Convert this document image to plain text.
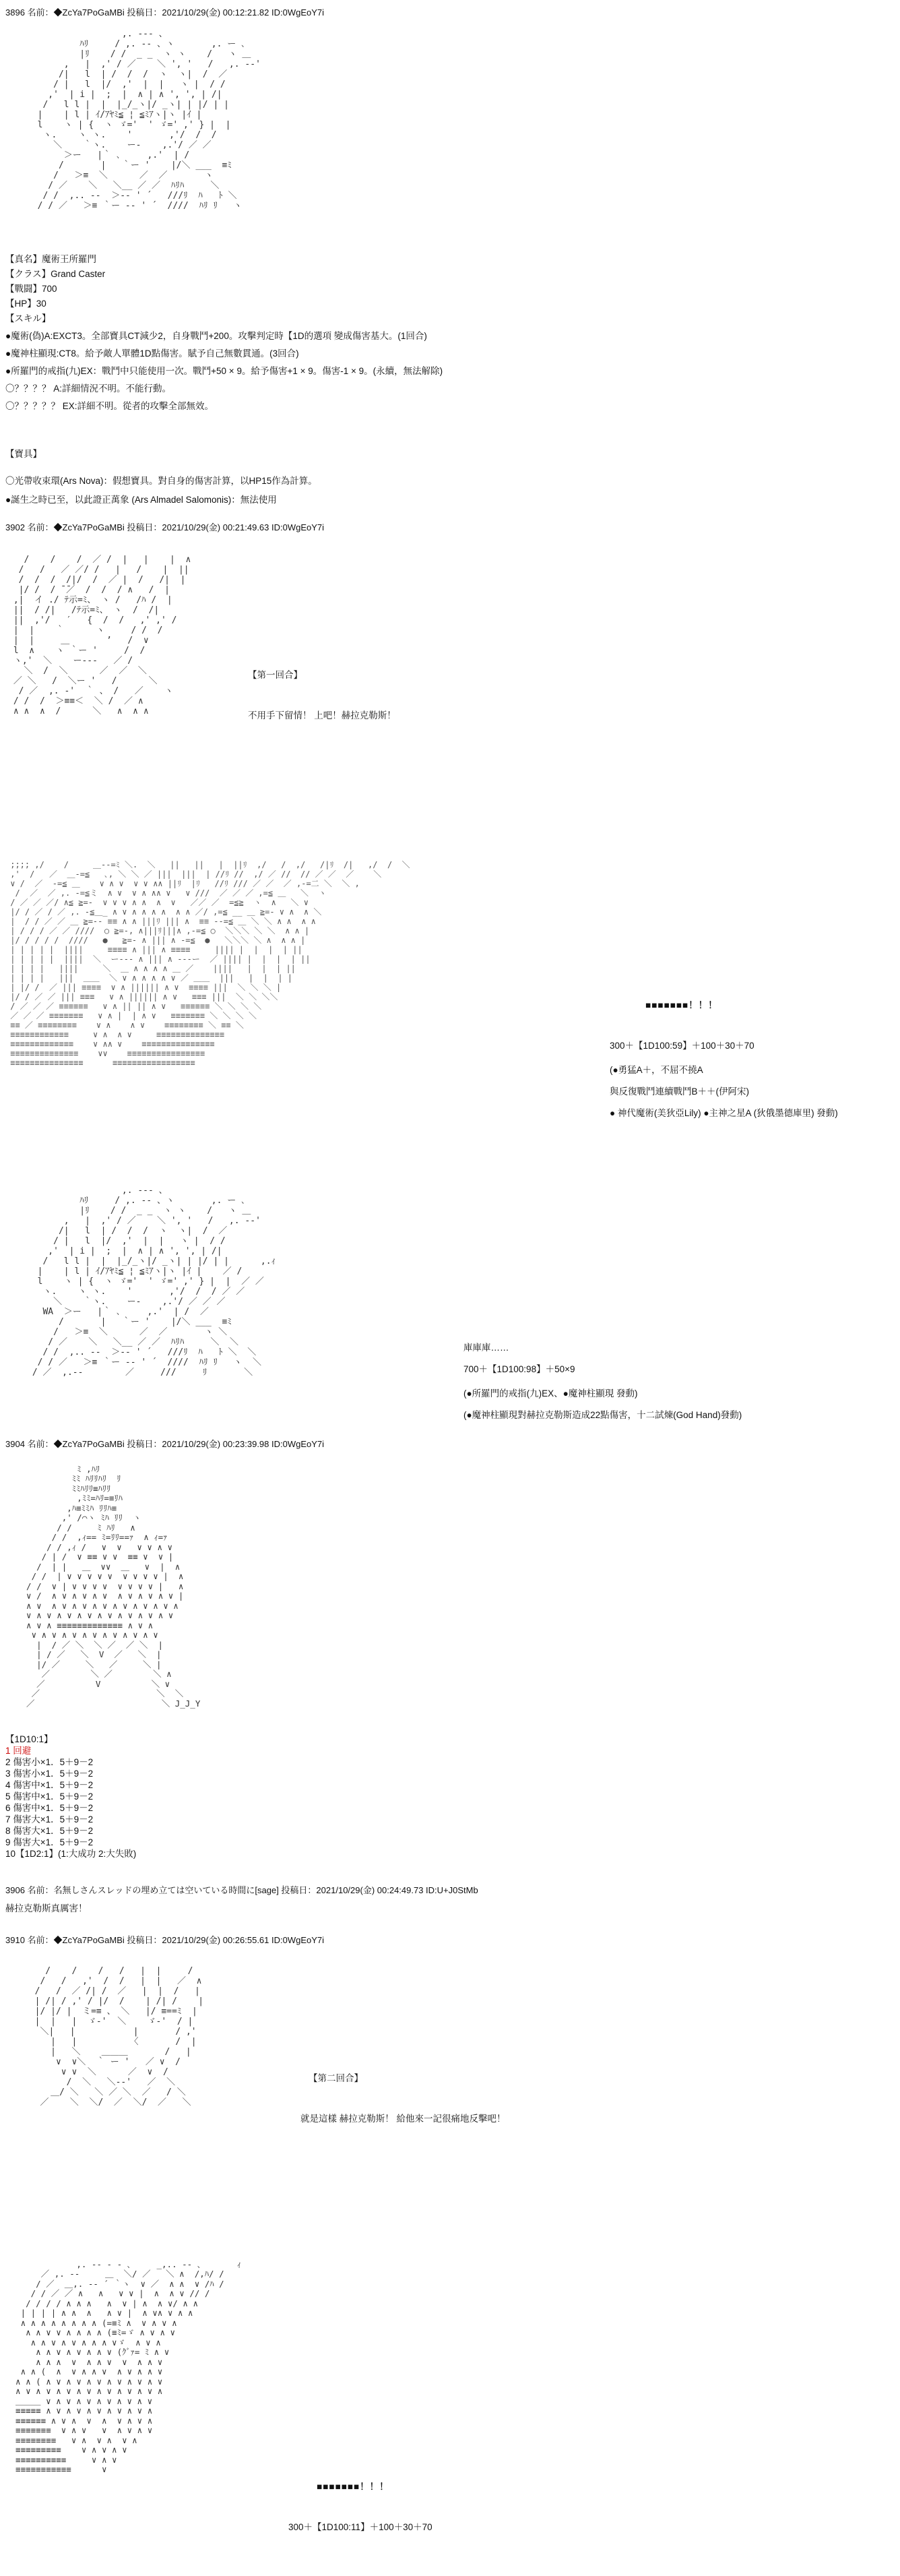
3896 名前：◆ZcYa7PoGaMBi 投稿日：2021/10/29(金) 00:12:21.82 ID:0WgEoY7i

,. -‐- 、
ﾊﾘ     / ,. -‐ 、ヽ       ,. ー ､
|ﾘ    / /  _ _  ヽ ヽ    /   ヽ ＿
,   |  ,' / ／    ＼ ', '   /   ,. -‐'
/|   l  | /  /  /  ヽ  ヽ|  /  ／
/ |   l  |/  ,'  |  |   ヽ |  / /
,'  | i |  ;  |  ∧ | ∧ ', ', | /|
/   l l |  |  |_/_ヽ|/ _ヽ| | |/ | |
|    | l | ｲ/ｱﾔﾐ≦ ¦ ≦ﾐｱヽ|ヽ |ｲ |
l    ヽ | {  ヽ ゞ='  ' ゞ=' ,' } |  |
ヽ.    ヽ ヽ.    '       ,'/  /  /
＼    ｀ヽ.    ー‐    ,.'/ ／ ／
＞ー   |｀ ､     ,.'  | /
/       |   ｀ー '    |/＼ ___  ≡ﾐ
/   ＞≡  ＼      ／  ／       ヽ
/ ／    ＼   ＼__ ／ ／  ﾊﾘﾊ     ＼
/ /  ,.. -‐  ＞-‐ ' ´   ///ﾘ  ﾊ   ﾄ ＼
/ / ／   ＞≡ ｀ー -- ' ´  ////  ﾊﾘ ﾘ   ヽ

【真名】魔術王所羅門
【クラス】Grand Caster
【戰闘】700
【HP】30
【スキル】
●魔術(偽)A:EXCT3。全部寶具CT減少2，自身戰鬥+200。攻擊判定時【1D的選項 變成傷害基大。(1回合)
●魔神柱顯現:CT8。給予敵人單體1D點傷害。賦予自己無數貫通。(3回合)
●所羅門的戒指(九)EX：戰鬥中只能使用一次。戰鬥+50 × 9。給予傷害+1 × 9。傷害-1 × 9。(永續，無法解除)
〇？？？？ A:詳細情況不明。不能行動。
〇？？？？？ EX:詳細不明。從者的攻擊全部無效。
【寶具】
〇光帶收束環(Ars Nova)：假想寶具。對自身的傷害計算，以HP15作為計算。
●誕生之時已至，以此證正萬象 (Ars Almadel Salomonis)：無法使用
3902 名前：◆ZcYa7PoGaMBi 投稿日：2021/10/29(金) 00:21:49.63 ID:0WgEoY7i

/    /    /  ／ /  |   |    |  ∧
/   /   ／ ／/ /   |   /    |  ||
/  /  /  /|/  /  ／ |  /   /|  |
|/ /  / ̄ ̄／  /  /  / ∧   /  |
,|  イ ./ ﾃ示=ﾐ、 ヽ /   /ﾊ /  |
||  / /|   /ﾃ示=ﾐ、 ヽ  /  /|
||  ,'/   ′   {  /  /   ,' ,' /
|  |    ｀      ヽ     / /  /
|  |     ＿       ’   /  ∨
l  ∧    ヽ ｀ー '     /  /
ヽ,'  ＼    ー--‐   ／ /
＼  /  ＼      ／  ／  ＼
／ ＼   /  ＼ー '   /      ＼
/ ／  ,. ‐'  ｀ 、 /   ／    ヽ
/ /  /  ＞≡≡＜  ＼ /  ／ ∧
∧ ∧  ∧  /      ＼   ∧  ∧ ∧

【第一回合】
不用手下留情！ 上吧！赫拉克勒斯！

;;;; ,/    /     ＿--=ﾐ ＼.  ＼   ||   ||   |  ||ﾘ  ,/   /  ,/   /|ﾘ  /|   ,/  /  ＼
,'  /   ／  ＿-=≦   ､, ＼ ＼ ／ |||  |||  | //ﾘ //  ,/ ／ //  // ／ ／  ／    ＼
∨ /  ／  -=≦ ＿    ∨ ∧ ∨  ∨ ∨ ∧∧ ||ﾘ  |ﾘ   //ﾘ /// ／ ／  ／ ,-=二 ＼  ＼ ,
/  ／  ／ ,. -=≦ミ  ∧ ∨  ∨ ∧ ∧∧ ∨   ∨ ///  ／ ／ ／ ,=≦ ＿   ＼  ヽ
/ ／ ／ ／/ ∧≦ ≧=-  ∨ ∨ ∨ ∧ ∧  ∧  ∨   ／／ ／  =≦≧  ヽ  ∧   ＼ ∨
|/ / ／ / ／ ,. -≦＿_ ∧ ∨ ∧ ∧ ∧ ∧  ∧ ∧ ／/ ,=≦ __ ＿ ≧=- ∨ ∧  ∧ ＼
|  / / ／ ／ ＿ ≧=-- ≡≡ ∧ ∧ |||ﾘ ||| ∧  ≡≡ --=≦ ＿ ＼ ＼ ∧ ∧  ∧ ∧
| / / / ／ ／ ////  ○ ≧=-, ∧|||ﾘ|||∧ ,-=≦ ○  ＼＼＼ ＼ ＼  ∧ ∧ |
|/ / / / /  ////   ●   ≧=- ∧ ||| ∧ -=≦  ●   ＼＼＼ ＼ ∧  ∧ ∧ |
| | | | |  ||||     ≡≡≡≡ ∧ ||| ∧ ≡≡≡≡     |||| |  |  |  | ||
| | | | |  ||||  ＼  ー--- ∧ ||| ∧ ---ー  ／ |||| |  |  |  | ||
| | | |   ||||     ＼  ＿ ∧ ∧ ∧ ∧ ＿ ／    ||||   |  |  | ||
| | | |   |||  ＿＿  ＼ ∨ ∧ ∧ ∧ ∧ ∨ ／ ＿＿  |||   |  |  | |
| |/ /  ／ ||| ≡≡≡≡  ∨ ∧ |||||| ∧ ∨  ≡≡≡≡ |||  ＼ ＼ ＼ |
|/ / ／ ／ ||| ≡≡≡   ∨ ∧ |||||| ∧ ∨   ≡≡≡ |||  ＼ ＼ ＼＼
/ ／ ／ ／ ≡≡≡≡≡≡   ∨ ∧ || || ∧ ∨   ≡≡≡≡≡≡ ＼ ＼ ＼ ＼
／ ／ ／ ≡≡≡≡≡≡≡   ∨ ∧ |  | ∧ ∨   ≡≡≡≡≡≡≡ ＼ ＼ ＼ ＼
≡≡ ／ ≡≡≡≡≡≡≡≡    ∨ ∧    ∧ ∨    ≡≡≡≡≡≡≡≡ ＼ ≡≡ ＼
≡≡≡≡≡≡≡≡≡≡≡≡     ∨ ∧  ∧ ∨     ≡≡≡≡≡≡≡≡≡≡≡≡≡≡
≡≡≡≡≡≡≡≡≡≡≡≡≡    ∨ ∧∧ ∨    ≡≡≡≡≡≡≡≡≡≡≡≡≡≡≡
≡≡≡≡≡≡≡≡≡≡≡≡≡≡    ∨∨    ≡≡≡≡≡≡≡≡≡≡≡≡≡≡≡≡
≡≡≡≡≡≡≡≡≡≡≡≡≡≡≡      ≡≡≡≡≡≡≡≡≡≡≡≡≡≡≡≡≡

■■■■■■■！！！
300＋【1D100:59】＋100＋30＋70
(●勇猛A＋，不屈不撓A
與反復戰鬥連續戰鬥B＋＋(伊阿宋)
● 神代魔術(美狄亞Lily) ●主神之星A (狄俄墨德庫里) 發動)

,. -‐- 、
ﾊﾘ     / ,. -‐ 、ヽ       ,. ー ､
|ﾘ    / /  _ _  ヽ ヽ    /   ヽ ＿
,   |  ,' / ／    ＼ ', '   /   ,. -‐'
/|   l  | /  /  /  ヽ  ヽ|  /  ／
/ |   l  |/  ,'  |  |   ヽ |  / /
,'  | i |  ;  |  ∧ | ∧ ', ', | /|
/   l l |  |  |_/_ヽ|/ _ヽ| | |/ | |      ,.ｨ
|    | l | ｲ/ｱﾔﾐ≦ ¦ ≦ﾐｱヽ|ヽ |ｲ |    ／ /
l    ヽ | {  ヽ ゞ='  ' ゞ=' ,' } |  |  ／ ／
ヽ.    ヽ ヽ.    '       ,'/  /  / ／ ／
＼    ｀ヽ.    ー‐    ,.'/ ／ ／ ／
WA  ＞ー   |｀ ､     ,.'  | /  ／
/       |   ｀ー '    |/＼ ___  ≡ﾐ
/   ＞≡  ＼      ／  ／       ヽ ＼
/ ／    ＼   ＼__ ／ ／  ﾊﾘﾊ     ＼  ＼
/ /  ,.. -‐  ＞-‐ ' ´   ///ﾘ  ﾊ   ﾄ ＼  ＼
/ / ／   ＞≡ ｀ー -- ' ´  ////  ﾊﾘ ﾘ   ヽ  ＼
/ ／  ,.-‐        ／     ///     ﾘ       ＼

庫庫庫……
700＋【1D100:98】＋50×9
(●所羅門的戒指(九)EX、●魔神柱顯現 發動)
(●魔神柱顯現對赫拉克勒斯造成22點傷害，十二試煉(God Hand)發動)
3904 名前：◆ZcYa7PoGaMBi 投稿日：2021/10/29(金) 00:23:39.98 ID:0WgEoY7i

ﾐ ,ﾊﾘ
ﾐﾐ ﾊﾘﾘﾊﾘ  ﾘ
ﾐﾐﾊﾘﾘ≡ﾊﾘﾘ
,ﾐﾐ=ﾊﾘ=≡ﾘﾊ
,ﾊ≡ﾐﾐﾊ ﾘﾘﾊ≡
,' /⌒ヽ ﾐﾊ ﾘﾘ  ヽ
/ /     ﾐ ﾊﾘ   ∧
/ /  ,ｨ== ﾐ=ﾘﾘ==ｧ  ∧ ｨ=ｧ
/ / ,ｨ /   ∨  ∨   ∨ ∨ ∧ ∨
/ | /  ∨ ≡≡ ∨ ∨  ≡≡ ∨  ∨ |
/  | |   ＿  ∨∨  ＿   ∨  |  ∧
/ /  | ∨ ∨ ∨ ∨ ∨  ∨ ∨ ∨ ∨ |  ∧
/ /  ∨ | ∨ ∨ ∨ ∨  ∨ ∨ ∨ ∨ |   ∧
∨ /  ∧ ∨ ∧ ∨ ∧ ∨  ∧ ∨ ∧ ∨ ∧ ∨ |
∧ ∨  ∧ ∨ ∧ ∨ ∧ ∨ ∧ ∨ ∧ ∨ ∧ ∨ ∧
∨ ∧ ∨ ∧ ∨ ∧ ∨ ∧ ∨ ∧ ∨ ∧ ∨ ∧ ∨
∧ ∨ ∧ ≡≡≡≡≡≡≡≡≡≡≡≡≡ ∧ ∨ ∧
∨ ∧ ∨ ∧ ∨ ∧ ∨ ∧ ∨ ∧ ∨ ∧ ∨
|  / ／ ＼  ＼ ／  ／ ＼  |
| / ／   ＼  V  ／   ＼  |
|/ ／     ＼   ／     ＼ |
／        ＼ ／        ＼ ∧
／          V          ＼ ∨
／                       ＼  ＼
／                         ＼ J_J_Y

【1D10:1】
1 回避
2 傷害小×1．5＋9－2
3 傷害小×1．5＋9－2
4 傷害中×1．5＋9－2
5 傷害中×1．5＋9－2
6 傷害中×1．5＋9－2
7 傷害大×1．5＋9－2
8 傷害大×1．5＋9－2
9 傷害大×1．5＋9－2
10【1D2:1】(1:大成功 2:大失敗)
3906 名前：名無しさんスレッドの埋め立ては空いている時間に[sage] 投稿日：2021/10/29(金) 00:24:49.73 ID:U+J0StMb
赫拉克勒斯真厲害！
3910 名前：◆ZcYa7PoGaMBi 投稿日：2021/10/29(金) 00:26:55.61 ID:0WgEoY7i

/    /    /   /   |  |     /
/   /   ,'  /  /   |  |   ／  ∧
/   /  ／ /| /  ／   |  |  /   |
| /| / ,' / |/  /    | /| /    |
|/ |/ |  ミ=≡ 、 ＼   |/ ≡==ﾐ  |
|  |   |  ゞ‐'  ＼    ゞ‐'  / |
＼|   |           |       / ,'
|   |          〈       /  |
|   ＼    ＿＿＿       /   |
∨  ∨＼  ｀ ー '   ／ ∨  /
∨ ∨  ＼      ／  ∨  /
/  ＼   ＼‐‐'   ／  ＼
＿/ ＼   ＼ ／ ＼  ／   / ＼
／    ＼  ＼/  ／  ＼/  ／   ＼

【第二回合】
就是這樣 赫拉克勒斯！ 給他來一記很痛地反擊吧！

,. -‐ ‐ - ､     _,.. -‐ ､       ｨ
／ ,. -‐     ＿  ＼/ ／   ＼ ∧  /,ﾊ/ /
/ ／  ＿,. -‐ ´ ｀ヽ  ∨ ／  ∧ ∧  ∨ /ﾊ /
/ / ／ ／ ∧   ∧   ∨ ∨ |  ∧  ∧ ∨ // /
/ / / / ∧ ∧ ∧   ∧  ∨ | ∧  ∧ ∨/ ∧ ∧
| | | | ∧ ∧  ∧   ∧ ∨ |  ∧ ∨∧ ∨ ∧ ∧
∧ ∧ ∧ ∧ ∧ ∧ ∧ ∧ (=≡ﾐ ∧  ∨ ∧ ∨ ∧
∧ ∧ ∨ ∨ ∧ ∧ ∧ ∧ (≡ﾐ=ゞ ∧ ∨ ∧ ∨
∧ ∧ ∨ ∧ ∨ ∧ ∧ ∧ ∨ゞ  ∧ ∨ ∧
∧ ∧ ∨ ∧ ∨ ∧ ∧ ∨ (ｸﾞｧ= ﾐ ∧ ∨
∧ ∧ ∧  ∨  ∧ ∧ ∨  ∨  ∧ ∧ ∨
∧ ∧ (  ∧  ∨ ∧ ∧ ∨  ∧ ∨ ∧ ∧ ∨
∧ ∧ ( ∧ ∨ ∧ ∨ ∧ ∨ ∧ ∨ ∧ ∨ ∧ ∨
∧ ∨ ∧ ∨ ∧ ∨ ∧ ∨ ∧ ∨ ∧ ∨ ∧ ∨ ∧
＿＿＿ ∨ ∧ ∨ ∧ ∨ ∧ ∨ ∧ ∨ ∧ ∨
≡≡≡≡≡ ∧ ∨ ∧ ∨ ∧ ∨ ∧ ∨ ∧ ∨ ∧
≡≡≡≡≡≡ ∧ ∨ ∧  ∨  ∧  ∨ ∧ ∨ ∧
≡≡≡≡≡≡≡  ∨ ∧ ∨   ∨  ∧ ∨ ∧ ∨
≡≡≡≡≡≡≡≡   ∨ ∧  ∨ ∧  ∨ ∧
≡≡≡≡≡≡≡≡≡    ∨ ∧ ∨ ∧ ∨
≡≡≡≡≡≡≡≡≡≡     ∨ ∧ ∨
≡≡≡≡≡≡≡≡≡≡≡      ∨

■■■■■■■！！！
300＋【1D100:11】＋100＋30＋70
